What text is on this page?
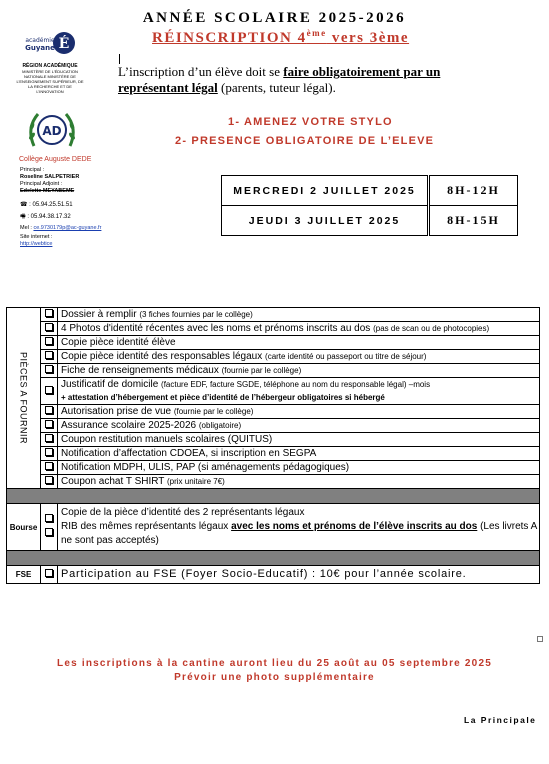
ANNÉE SCOLAIRE 2025-2026
RÉINSCRIPTION 4ème vers 3ème
É
académie
Guyane
RÉGION ACADÉMIQUE
MINISTÈRE DE L’ÉDUCATION NATIONALE MINISTÈRE DE L’ENSEIGNEMENT SUPÉRIEUR, DE LA RECHERCHE ET DE L’INNOVATION
L’inscription d’un élève doit se faire obligatoirement par un représentant légal (parents, tuteur légal).
AD
Collège Auguste DEDE
Principal :
Roseline SALPETRIER
Principal Adjoint :
Edelette MEYABEME
☎ : 05.94.25.51.51
🖷 : 05.94.38.17.32
Mel : ce.9730179p@ac-guyane.fr
Site internet :
http://webtice
1- AMENEZ VOTRE STYLO
2- PRESENCE OBLIGATOIRE DE L’ELEVE
MERCREDI 2 JUILLET 2025	8H-12H
JEUDI 3 JUILLET 2025	8H-15H
PIÈCES A FOURNIR		Dossier à remplir (3 fiches fournies par le collège)
		4 Photos d'identité récentes avec les noms et prénoms inscrits au dos (pas de scan ou de photocopies)
		Copie pièce identité élève
		Copie pièce identité des responsables légaux (carte identité ou passeport ou titre de séjour)
		Fiche de renseignements médicaux (fournie par le collège)
		Justificatif de domicile (facture EDF, facture SGDE, téléphone au nom du responsable légal) –mois
+ attestation d’hébergement et pièce d’identité de l’hébergeur obligatoires si hébergé
		Autorisation prise de vue (fournie par le collège)
		Assurance scolaire 2025-2026 (obligatoire)
		Coupon restitution manuels scolaires (QUITUS)
		Notification d’affectation CDOEA, si inscription en SEGPA
		Notification MDPH, ULIS, PAP (si aménagements pédagogiques)
		Coupon achat T SHIRT (prix unitaire 7€)

Bourse		Copie de la pièce d’identité des 2 représentants légaux
RIB des mêmes représentants légaux avec les noms et prénoms de l’élève inscrits au dos (Les livrets A ne sont pas acceptés)

FSE		Participation au FSE (Foyer Socio-Educatif) : 10€ pour l’année scolaire.
Les inscriptions à la cantine auront lieu du 25 août au 05 septembre 2025
Prévoir une photo supplémentaire
La Principale
